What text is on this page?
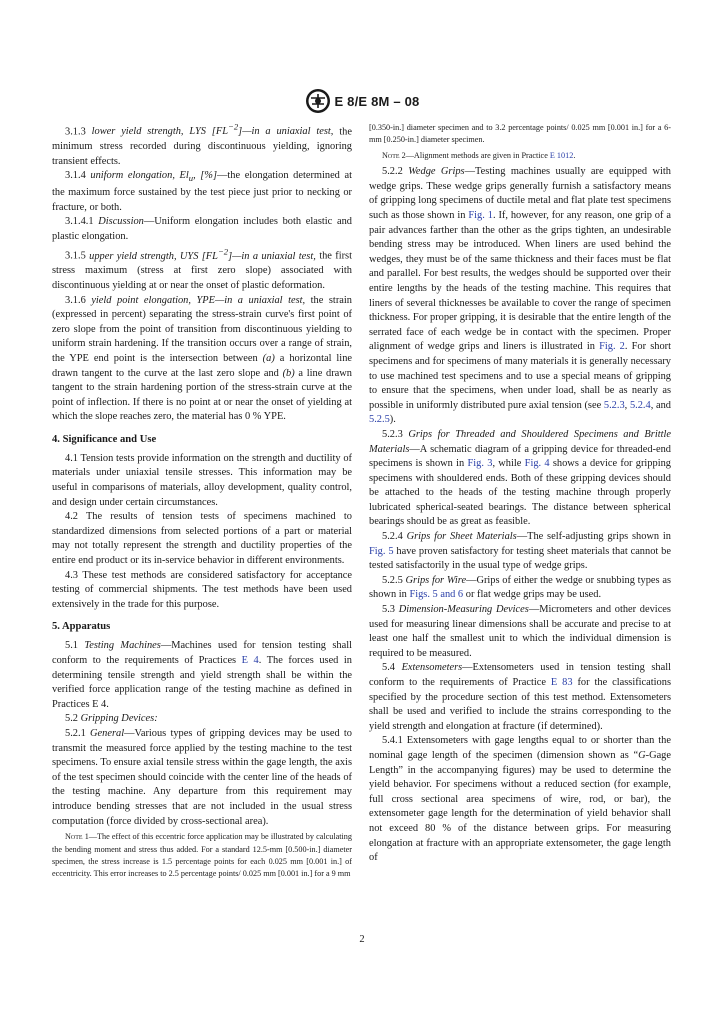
E 8/E 8M – 08

3.1.3 lower yield strength, LYS $[FL^{-2}]—in$ a uniaxial test, the minimum stress recorded during discontinuous yielding, ignoring transient effects.

3.1.4 uniform elongation, $El_u$, [%]—the elongation determined at the maximum force sustained by the test piece just prior to necking or fracture, or both.

3.1.4.1 Discussion—Uniform elongation includes both elastic and plastic elongation.

3.1.5 upper yield strength, UYS $[FL^{-2}]—in$ a uniaxial test, the first stress maximum (stress at first zero slope) associated with discontinuous yielding at or near the onset of plastic deformation.

3.1.6 yield point elongation, YPE—in a uniaxial test, the strain (expressed in percent) separating the stress-strain curve's first point of zero slope from the point of transition from discontinuous yielding to uniform strain hardening. If the transition occurs over a range of strain, the YPE end point is the intersection between (a) a horizontal line drawn tangent to the curve at the last zero slope and (b) a line drawn tangent to the strain hardening portion of the stress-strain curve at the point of inflection. If there is no point at or near the onset of yielding at which the slope reaches zero, the material has 0 % YPE.

4. Significance and Use

4.1 Tension tests provide information on the strength and ductility of materials under uniaxial tensile stresses. This information may be useful in comparisons of materials, alloy development, quality control, and design under certain circumstances.

4.2 The results of tension tests of specimens machined to standardized dimensions from selected portions of a part or material may not totally represent the strength and ductility properties of the entire end product or its in-service behavior in different environments.

4.3 These test methods are considered satisfactory for acceptance testing of commercial shipments. The test methods have been used extensively in the trade for this purpose.

5. Apparatus

5.1 Testing Machines—Machines used for tension testing shall conform to the requirements of Practices E 4. The forces used in determining tensile strength and yield strength shall be within the verified force application range of the testing machine as defined in Practices E 4.

5.2 Gripping Devices:

5.2.1 General—Various types of gripping devices may be used to transmit the measured force applied by the testing machine to the test specimens. To ensure axial tensile stress within the gage length, the axis of the test specimen should coincide with the center line of the heads of the testing machine. Any departure from this requirement may introduce bending stresses that are not included in the usual stress computation (force divided by cross-sectional area).

Note 1—The effect of this eccentric force application may be illustrated by calculating the bending moment and stress thus added. For a standard 12.5-mm [0.500-in.] diameter specimen, the stress increase is 1.5 percentage points for each 0.025 mm [0.001 in.] of eccentricity. This error increases to 2.5 percentage points/ 0.025 mm [0.001 in.] for a 9 mm

[0.350-in.] diameter specimen and to 3.2 percentage points/ 0.025 mm [0.001 in.] for a 6-mm [0.250-in.] diameter specimen.

Note 2—Alignment methods are given in Practice E 1012.

5.2.2 Wedge Grips—Testing machines usually are equipped with wedge grips. These wedge grips generally furnish a satisfactory means of gripping long specimens of ductile metal and flat plate test specimens such as those shown in Fig. 1. If, however, for any reason, one grip of a pair advances farther than the other as the grips tighten, an undesirable bending stress may be introduced. When liners are used behind the wedges, they must be of the same thickness and their faces must be flat and parallel. For best results, the wedges should be supported over their entire lengths by the heads of the testing machine. This requires that liners of several thicknesses be available to cover the range of specimen thickness. For proper gripping, it is desirable that the entire length of the serrated face of each wedge be in contact with the specimen. Proper alignment of wedge grips and liners is illustrated in Fig. 2. For short specimens and for specimens of many materials it is generally necessary to use machined test specimens and to use a special means of gripping to ensure that the specimens, when under load, shall be as nearly as possible in uniformly distributed pure axial tension (see 5.2.3, 5.2.4, and 5.2.5).

5.2.3 Grips for Threaded and Shouldered Specimens and Brittle Materials—A schematic diagram of a gripping device for threaded-end specimens is shown in Fig. 3, while Fig. 4 shows a device for gripping specimens with shouldered ends. Both of these gripping devices should be attached to the heads of the testing machine through properly lubricated spherical-seated bearings. The distance between spherical bearings should be as great as feasible.

5.2.4 Grips for Sheet Materials—The self-adjusting grips shown in Fig. 5 have proven satisfactory for testing sheet materials that cannot be tested satisfactorily in the usual type of wedge grips.

5.2.5 Grips for Wire—Grips of either the wedge or snubbing types as shown in Figs. 5 and 6 or flat wedge grips may be used.

5.3 Dimension-Measuring Devices—Micrometers and other devices used for measuring linear dimensions shall be accurate and precise to at least one half the smallest unit to which the individual dimension is required to be measured.

5.4 Extensometers—Extensometers used in tension testing shall conform to the requirements of Practice E 83 for the classifications specified by the procedure section of this test method. Extensometers shall be used and verified to include the strains corresponding to the yield strength and elongation at fracture (if determined).

5.4.1 Extensometers with gage lengths equal to or shorter than the nominal gage length of the specimen (dimension shown as “G-Gage Length” in the accompanying figures) may be used to determine the yield behavior. For specimens without a reduced section (for example, full cross sectional area specimens of wire, rod, or bar), the extensometer gage length for the determination of yield behavior shall not exceed 80 % of the distance between grips. For measuring elongation at fracture with an appropriate extensometer, the gage length of

2
